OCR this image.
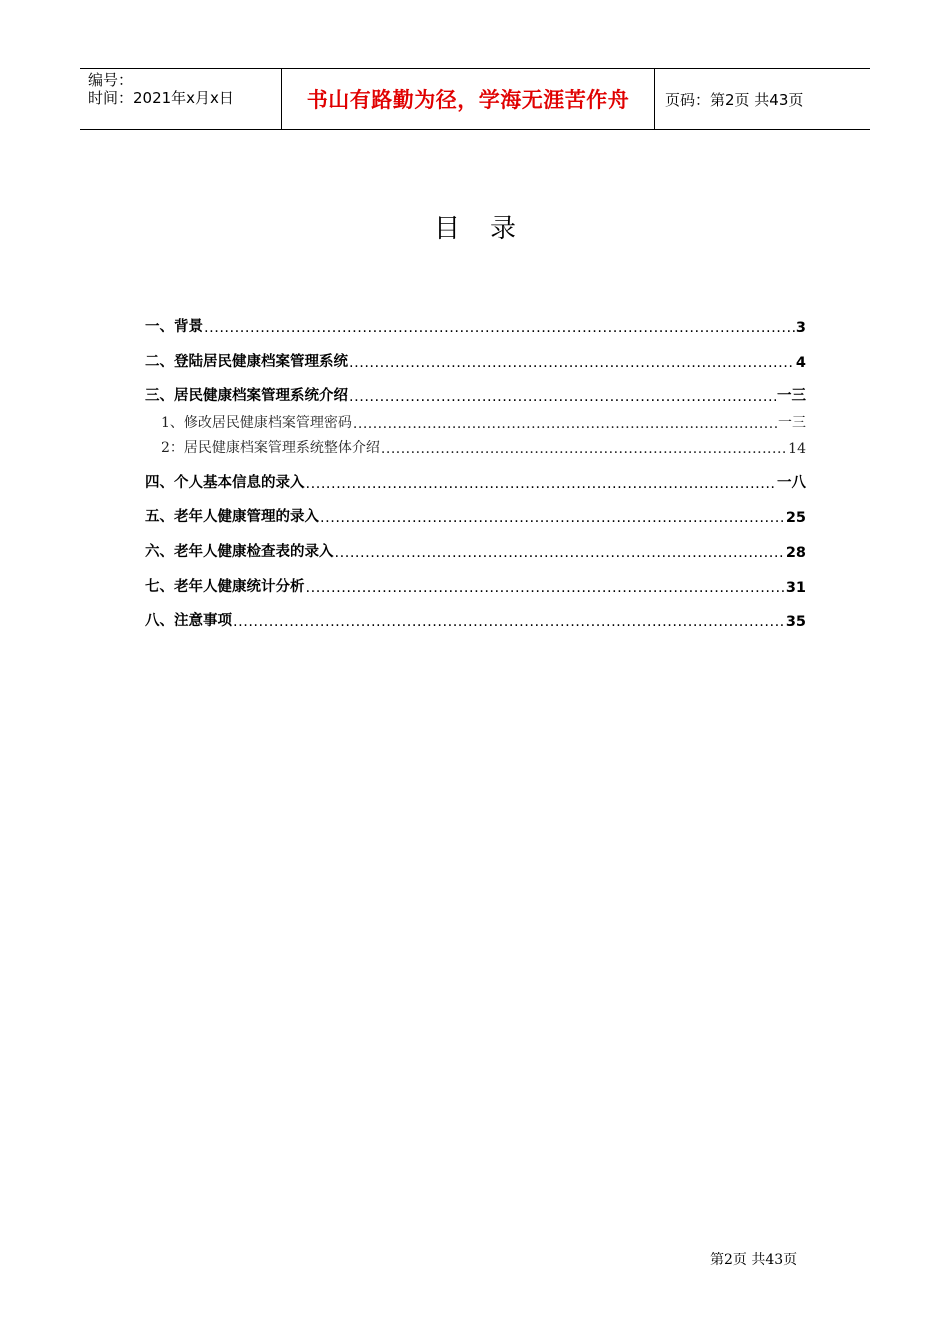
编号：
时间：2021年x月x日	书山有路勤为径，学海无涯苦作舟	页码：第2页 共43页
目录
一、背景 .....	3
二、登陆居民健康档案管理系统 .....	4
三、居民健康档案管理系统介绍 .....	一三
1、修改居民健康档案管理密码 .....	一三
2：居民健康档案管理系统整体介绍 .....	14
四、个人基本信息的录入 .....	一八
五、老年人健康管理的录入 .....	25
六、老年人健康检查表的录入 .....	28
七、老年人健康统计分析 .....	31
八、注意事项 .....	35
第2页 共43页
